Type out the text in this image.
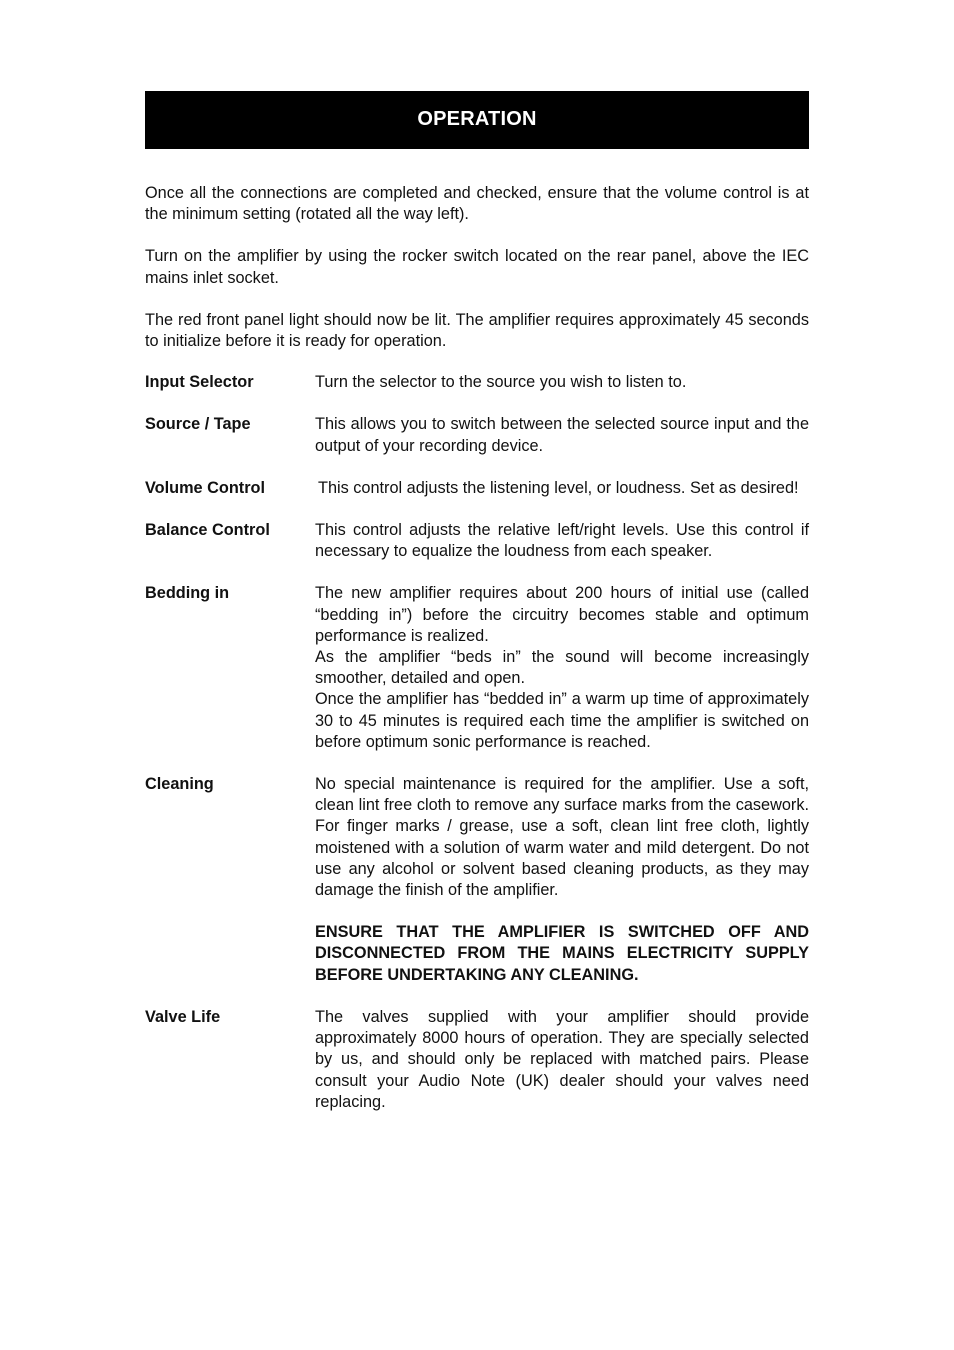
OPERATION

Once all the connections are completed and checked, ensure that the volume control is at the minimum setting (rotated all the way left).

Turn on the amplifier by using the rocker switch located on the rear panel, above the IEC mains inlet socket.

The red front panel light should now be lit. The amplifier requires approximately 45 seconds to initialize before it is ready for operation.

Input Selector	Turn the selector to the source you wish to listen to.

Source / Tape	This allows you to switch between the selected source input and the output of your recording device.

Volume Control	This control adjusts the listening level, or loudness. Set as desired!

Balance Control	This control adjusts the relative left/right levels. Use this control if necessary to equalize the loudness from each speaker.

Bedding in	The new amplifier requires about 200 hours of initial use (called “bedding in”) before the circuitry becomes stable and optimum performance is realized.

As the amplifier “beds in” the sound will become increasingly smoother, detailed and open.

Once the amplifier has “bedded in” a warm up time of approximately 30 to 45 minutes is required each time the amplifier is switched on before optimum sonic performance is reached.

Cleaning	No special maintenance is required for the amplifier. Use a soft, clean lint free cloth to remove any surface marks from the casework. For finger marks / grease, use a soft, clean lint free cloth, lightly moistened with a solution of warm water and mild detergent. Do not use any alcohol or solvent based cleaning products, as they may damage the finish of the amplifier.

ENSURE THAT THE AMPLIFIER IS SWITCHED OFF AND DISCONNECTED FROM THE MAINS ELECTRICITY SUPPLY BEFORE UNDERTAKING ANY CLEANING.

Valve Life	The valves supplied with your amplifier should provide approximately 8000 hours of operation. They are specially selected by us, and should only be replaced with matched pairs. Please consult your Audio Note (UK) dealer should your valves need replacing.
